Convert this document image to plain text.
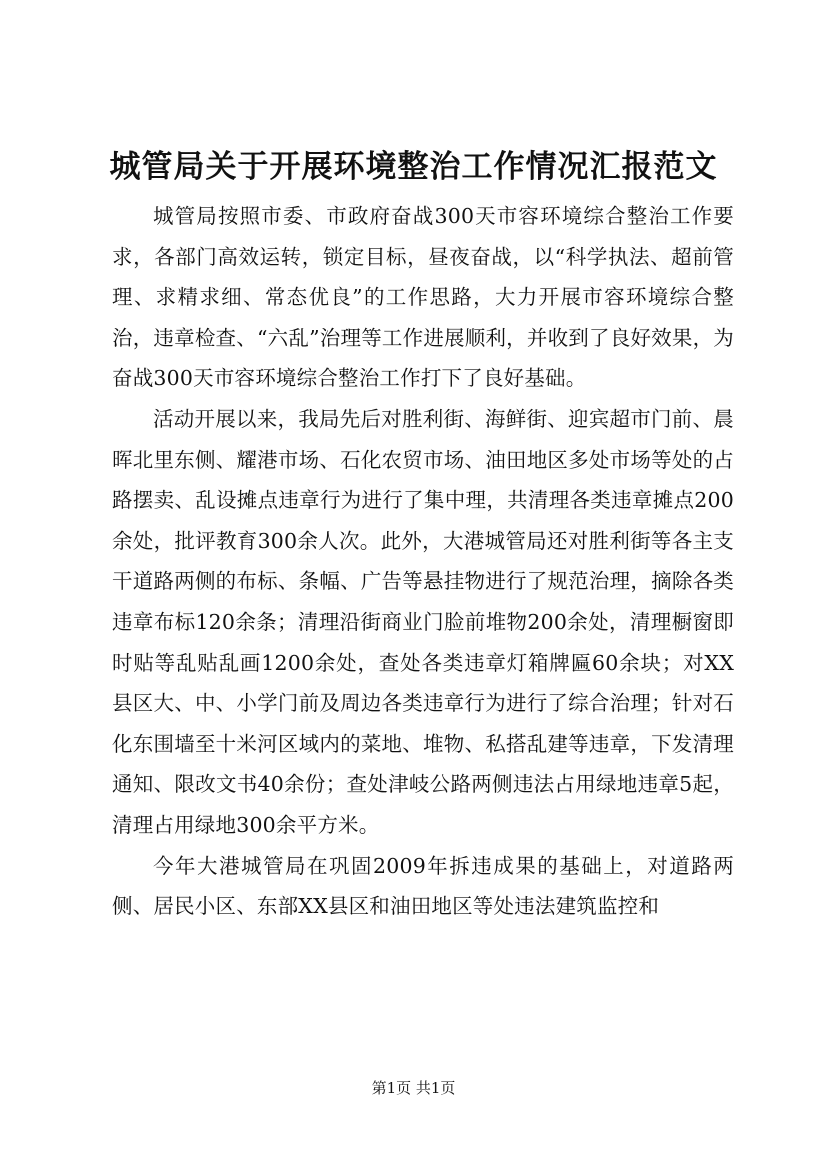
城管局关于开展环境整治工作情况汇报范文

城管局按照市委、市政府奋战300天市容环境综合整治工作要求，各部门高效运转，锁定目标，昼夜奋战，以“科学执法、超前管理、求精求细、常态优良”的工作思路，大力开展市容环境综合整治，违章检查、“六乱”治理等工作进展顺利，并收到了良好效果，为奋战300天市容环境综合整治工作打下了良好基础。

活动开展以来，我局先后对胜利街、海鲜街、迎宾超市门前、晨晖北里东侧、耀港市场、石化农贸市场、油田地区多处市场等处的占路摆卖、乱设摊点违章行为进行了集中理，共清理各类违章摊点200余处，批评教育300余人次。此外，大港城管局还对胜利街等各主支干道路两侧的布标、条幅、广告等悬挂物进行了规范治理，摘除各类违章布标120余条；清理沿街商业门脸前堆物200余处，清理橱窗即时贴等乱贴乱画1200余处，查处各类违章灯箱牌匾60余块；对XX县区大、中、小学门前及周边各类违章行为进行了综合治理；针对石化东围墙至十米河区域内的菜地、堆物、私搭乱建等违章，下发清理通知、限改文书40余份；查处津岐公路两侧违法占用绿地违章5起，清理占用绿地300余平方米。

今年大港城管局在巩固2009年拆违成果的基础上，对道路两侧、居民小区、东部XX县区和油田地区等处违法建筑监控和

第1页 共1页
